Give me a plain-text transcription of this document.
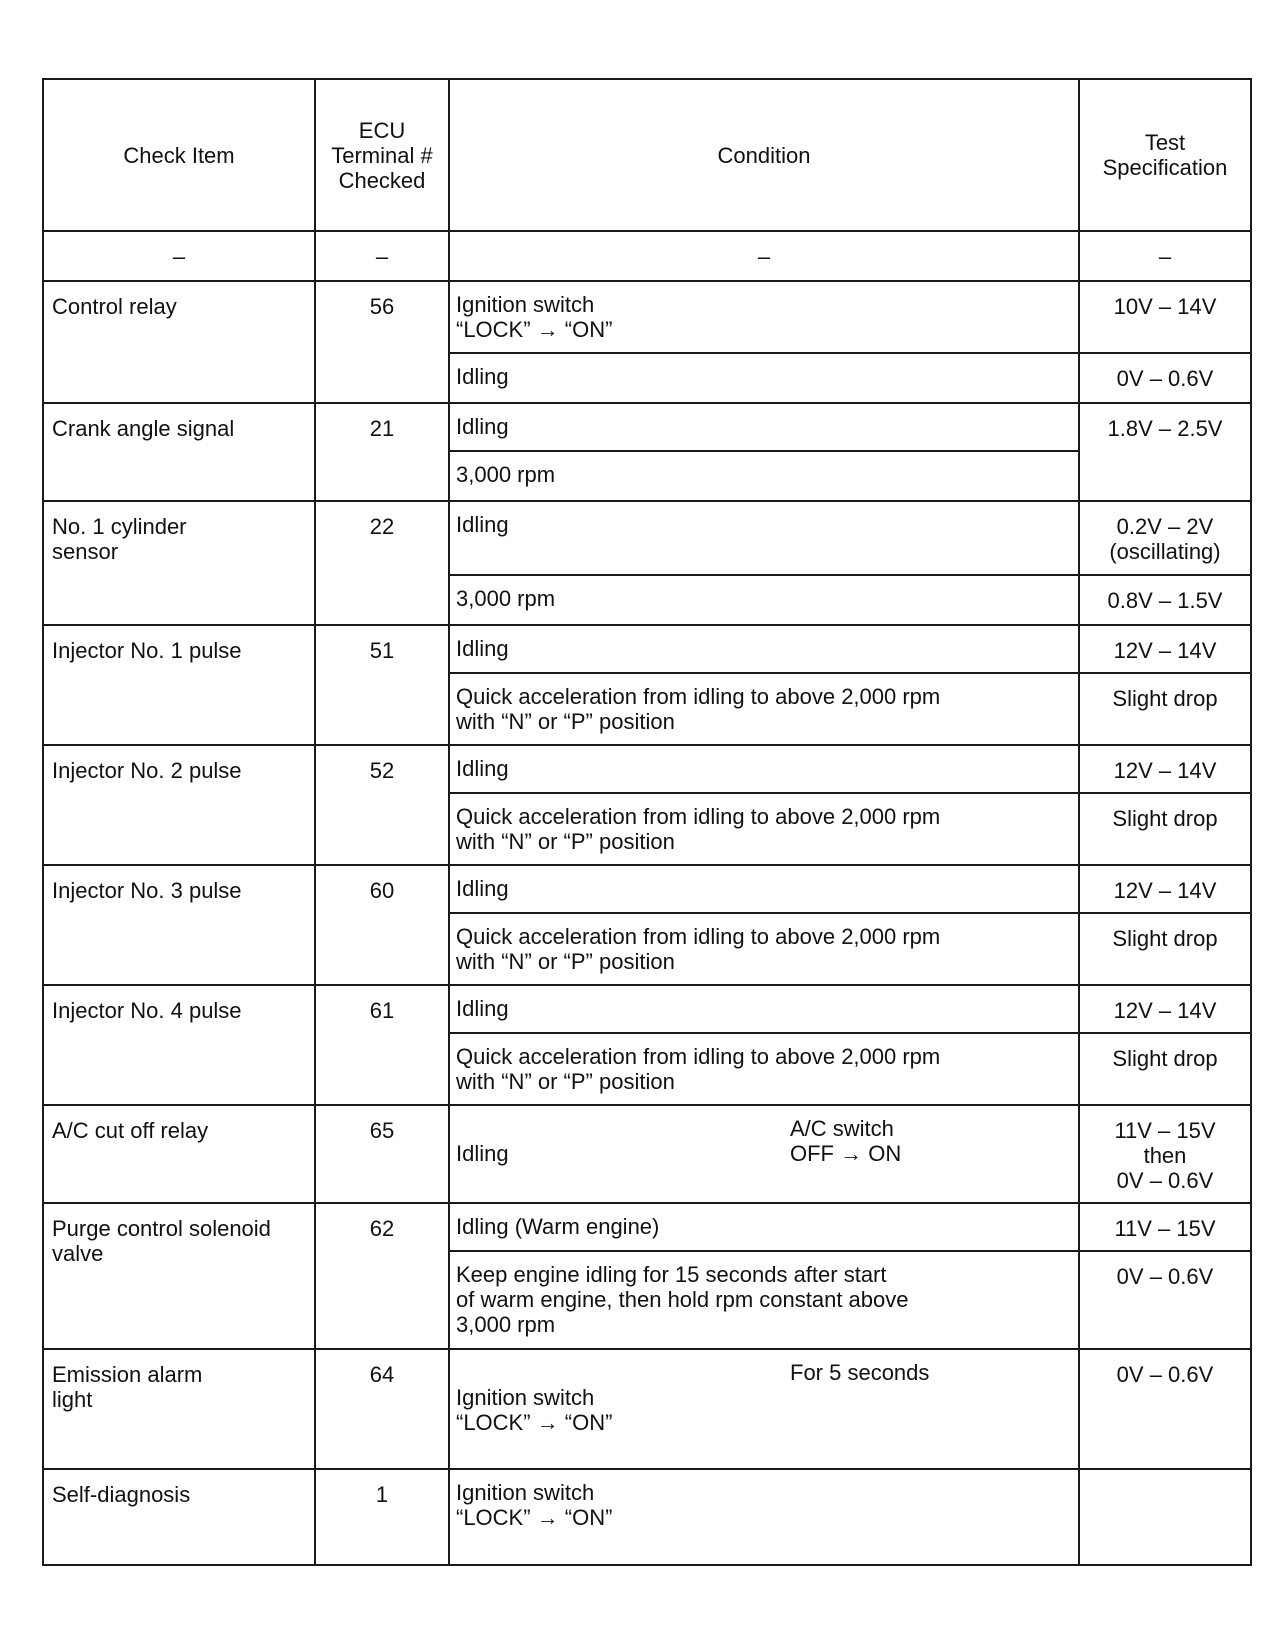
Check Item	ECU
Terminal #
Checked	Condition	Test
Specification

–	–	–	–
Control relay	56	Ignition switch
“LOCK” → “ON”	10V – 14V
		Idling	0V – 0.6V
Crank angle signal	21	Idling	1.8V – 2.5V
		3,000 rpm	
No. 1 cylinder
sensor	22	Idling	0.2V – 2V
(oscillating)
		3,000 rpm	0.8V – 1.5V
Injector No. 1 pulse	51	Idling	12V – 14V
		Quick acceleration from idling to above 2,000 rpm
with “N” or “P” position	Slight drop
Injector No. 2 pulse	52	Idling	12V – 14V
		Quick acceleration from idling to above 2,000 rpm
with “N” or “P” position	Slight drop
Injector No. 3 pulse	60	Idling	12V – 14V
		Quick acceleration from idling to above 2,000 rpm
with “N” or “P” position	Slight drop
Injector No. 4 pulse	61	Idling	12V – 14V
		Quick acceleration from idling to above 2,000 rpm
with “N” or “P” position	Slight drop
A/C cut off relay	65	Idling

A/C switch
OFF → ON	11V – 15V
then
0V – 0.6V
Purge control solenoid
valve	62	Idling (Warm engine)	11V – 15V
		Keep engine idling for 15 seconds after start
of warm engine, then hold rpm constant above
3,000 rpm	0V – 0.6V
Emission alarm
light	64	Ignition switch
“LOCK” → “ON”

For 5 seconds	0V – 0.6V
Self-diagnosis	1	Ignition switch
“LOCK” → “ON”	
